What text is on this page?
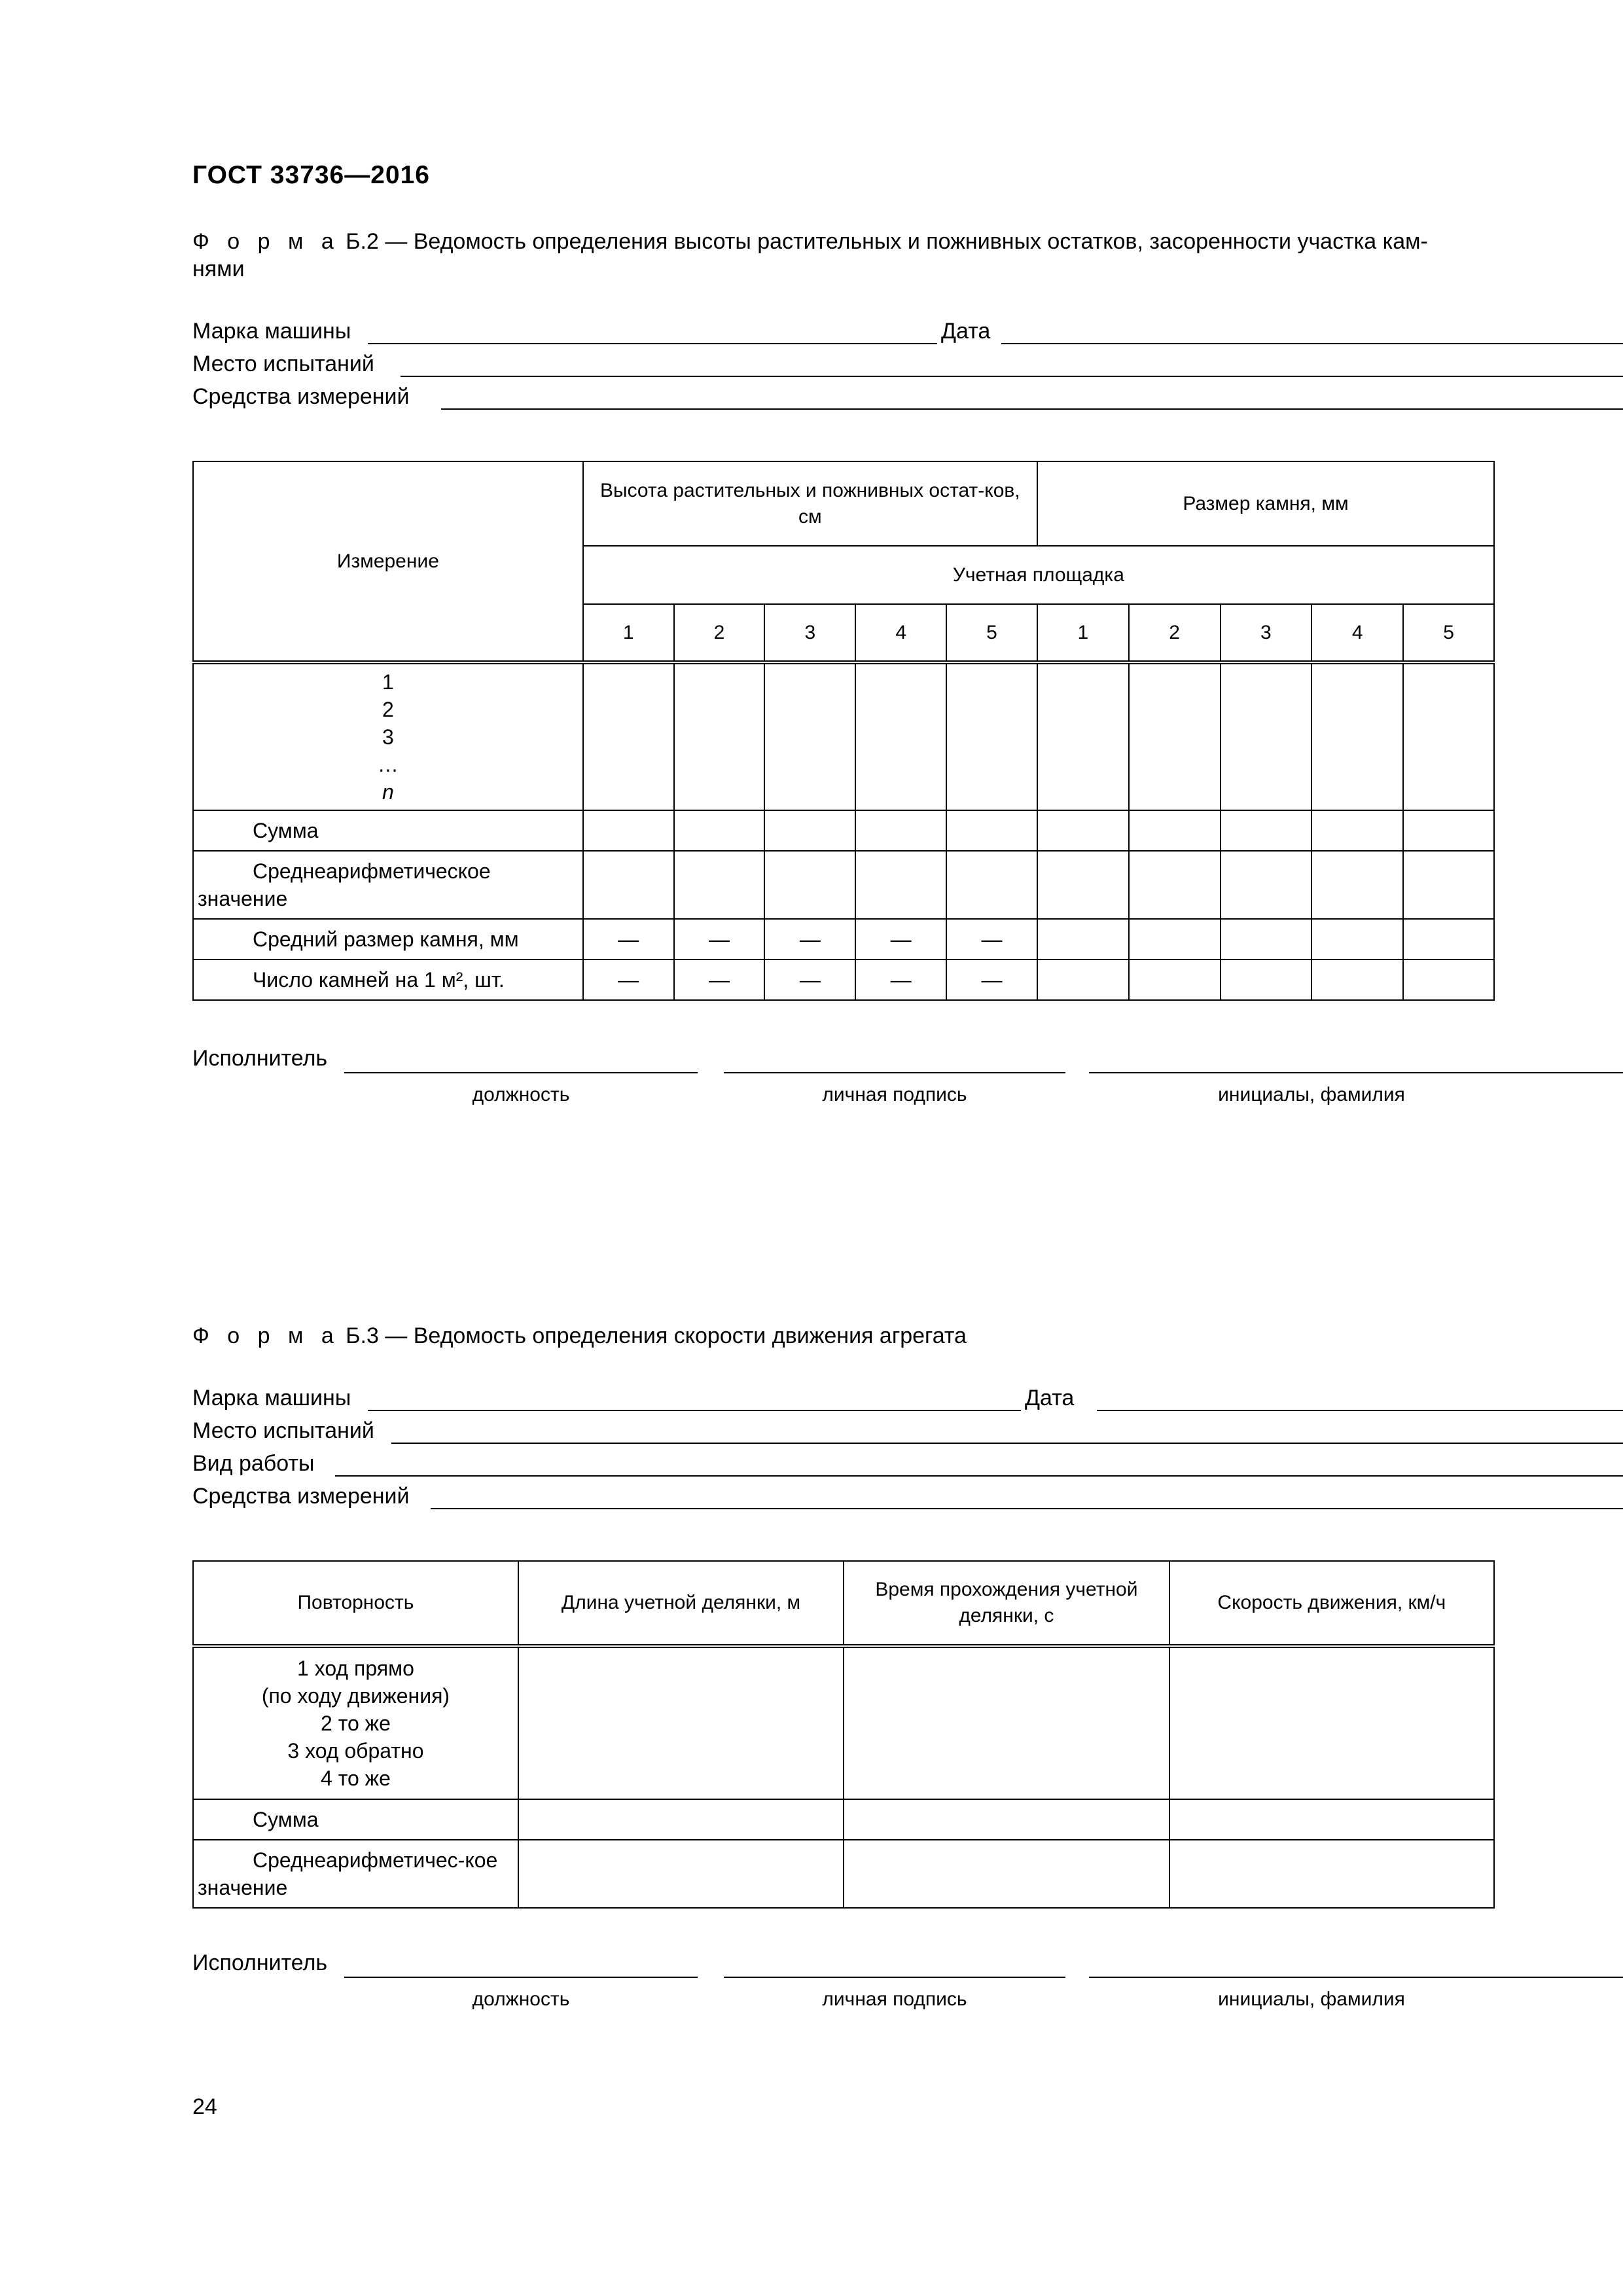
ГОСТ 33736—2016
Ф о р м а Б.2 — Ведомость определения высоты растительных и пожнивных остатков, засоренности участка кам-
нями
Марка машины	Дата
Место испытаний
Средства измерений
Измерение	Высота растительных и пожнивных остат-ков, см					Размер камня, мм				
	Учетная площадка									
	1	2	3	4	5	1	2	3	4	5

1
2
3
…
n										

Сумма										
Среднеарифметическое значение										
Средний размер камня, мм	—	—	—	—	—					
Число камней на 1 м², шт.	—	—	—	—	—					
Исполнитель
должность	личная подпись	инициалы, фамилия
Ф о р м а Б.3 — Ведомость определения скорости движения агрегата
Марка машины	Дата
Место испытаний
Вид работы
Средства измерений
Повторность	Длина учетной делянки, м	Время прохождения учетной делянки, с	Скорость движения, км/ч

1 ход прямо
(по ходу движения)
2 то же
3 ход обратно
4 то же			

Сумма			
Среднеарифметичес-кое значение			
Исполнитель
должность	личная подпись	инициалы, фамилия
24
